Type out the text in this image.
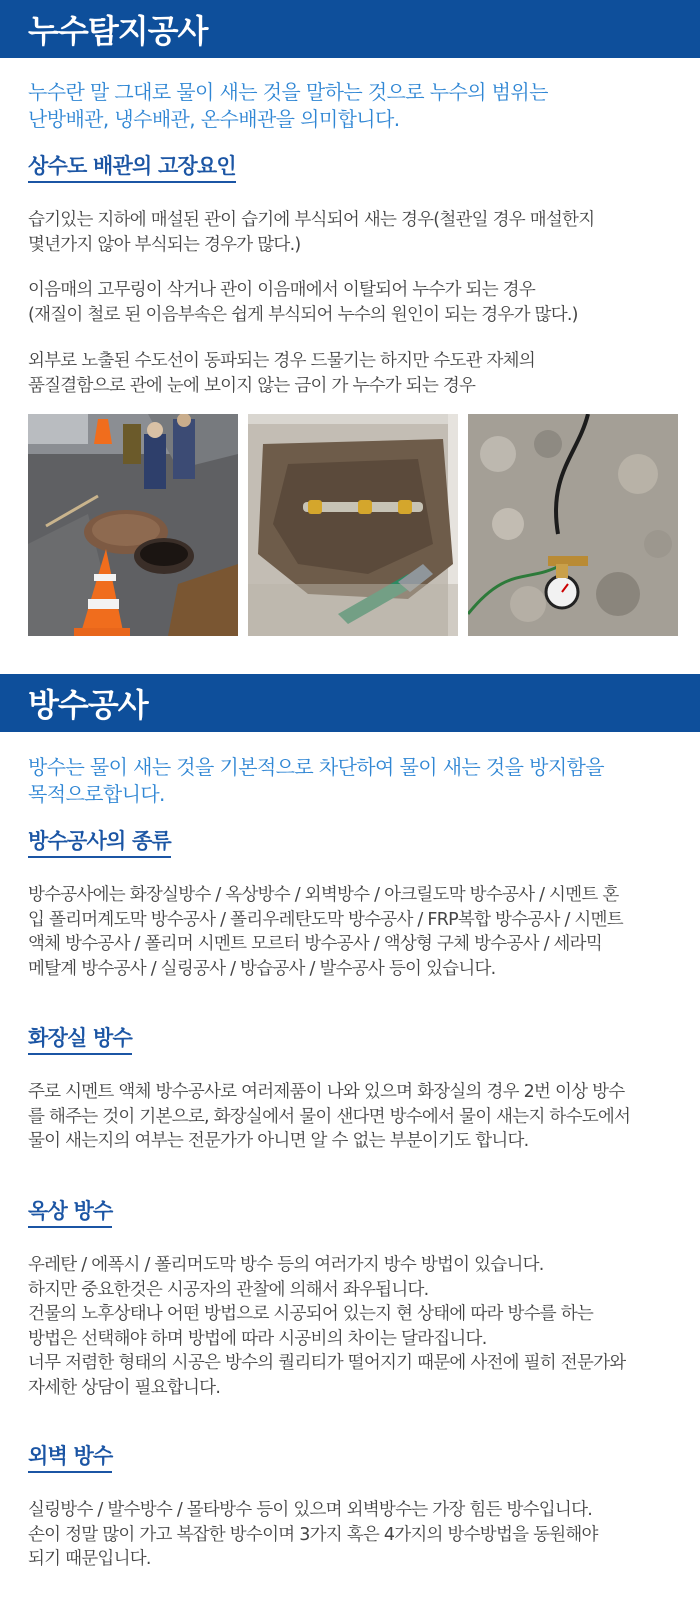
누수탐지공사
누수란 말 그대로 물이 새는 것을 말하는 것으로 누수의 범위는
난방배관, 냉수배관, 온수배관을 의미합니다.
상수도 배관의 고장요인
습기있는 지하에 매설된 관이 습기에 부식되어 새는 경우(철관일 경우 매설한지
몇년가지 않아 부식되는 경우가 많다.)
이음매의 고무링이 삭거나 관이 이음매에서 이탈되어 누수가 되는 경우
(재질이 철로 된 이음부속은 쉽게 부식되어 누수의 원인이 되는 경우가 많다.)
외부로 노출된 수도선이 동파되는 경우 드물기는 하지만 수도관 자체의
품질결함으로 관에 눈에 보이지 않는 금이 가 누수가 되는 경우
방수공사
방수는 물이 새는 것을 기본적으로 차단하여 물이 새는 것을 방지함을
목적으로합니다.
방수공사의 종류
방수공사에는 화장실방수 / 옥상방수 / 외벽방수 / 아크릴도막 방수공사 / 시멘트 혼
입 폴리머계도막 방수공사 / 폴리우레탄도막 방수공사 / FRP복합 방수공사 / 시멘트
액체 방수공사 / 폴리머 시멘트 모르터 방수공사 / 액상형 구체 방수공사 / 세라믹
메탈계 방수공사 / 실링공사 / 방습공사 / 발수공사 등이 있습니다.
화장실 방수
주로 시멘트 액체 방수공사로 여러제품이 나와 있으며 화장실의 경우 2번 이상 방수
를 해주는 것이 기본으로, 화장실에서 물이 샌다면 방수에서 물이 새는지 하수도에서
물이 새는지의 여부는 전문가가 아니면 알 수 없는 부분이기도 합니다.
옥상 방수
우레탄 / 에폭시 / 폴리머도막 방수 등의 여러가지 방수 방법이 있습니다.
하지만 중요한것은 시공자의 관찰에 의해서 좌우됩니다.
건물의 노후상태나 어떤 방법으로 시공되어 있는지 현 상태에 따라 방수를 하는
방법은 선택해야 하며 방법에 따라 시공비의 차이는 달라집니다.
너무 저렴한 형태의 시공은 방수의 퀄리티가 떨어지기 때문에 사전에 필히 전문가와
자세한 상담이 필요합니다.
외벽 방수
실링방수 / 발수방수 / 몰타방수 등이 있으며 외벽방수는 가장 힘든 방수입니다.
손이 정말 많이 가고 복잡한 방수이며 3가지 혹은 4가지의 방수방법을 동원해야
되기 때문입니다.
